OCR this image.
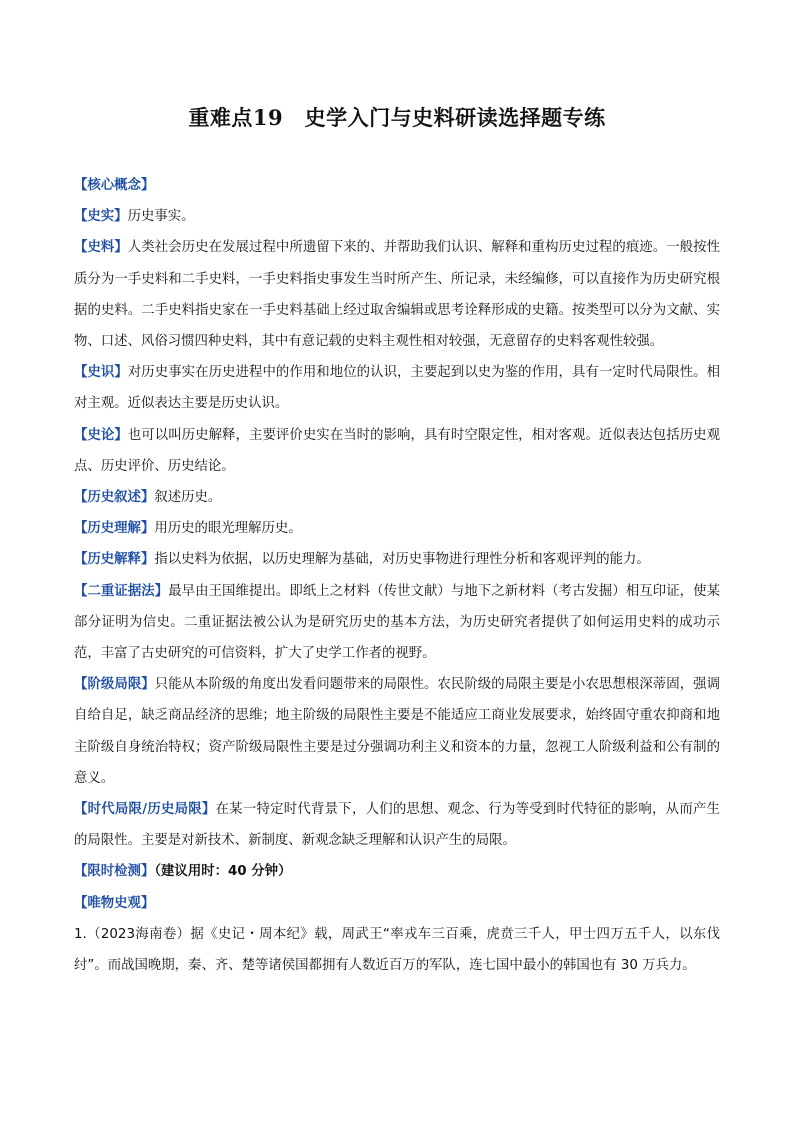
重难点19　史学入门与史料研读选择题专练

【核心概念】

【史实】历史事实。

【史料】人类社会历史在发展过程中所遗留下来的、并帮助我们认识、解释和重构历史过程的痕迹。一般按性质分为一手史料和二手史料，一手史料指史事发生当时所产生、所记录，未经编修，可以直接作为历史研究根据的史料。二手史料指史家在一手史料基础上经过取舍编辑或思考诠释形成的史籍。按类型可以分为文献、实物、口述、风俗习惯四种史料，其中有意记载的史料主观性相对较强，无意留存的史料客观性较强。

【史识】对历史事实在历史进程中的作用和地位的认识，主要起到以史为鉴的作用，具有一定时代局限性。相对主观。近似表达主要是历史认识。

【史论】也可以叫历史解释，主要评价史实在当时的影响，具有时空限定性，相对客观。近似表达包括历史观点、历史评价、历史结论。

【历史叙述】叙述历史。

【历史理解】用历史的眼光理解历史。

【历史解释】指以史料为依据，以历史理解为基础，对历史事物进行理性分析和客观评判的能力。

【二重证据法】最早由王国维提出。即纸上之材料（传世文献）与地下之新材料（考古发掘）相互印证，使某部分证明为信史。二重证据法被公认为是研究历史的基本方法，为历史研究者提供了如何运用史料的成功示范，丰富了古史研究的可信资料，扩大了史学工作者的视野。

【阶级局限】只能从本阶级的角度出发看问题带来的局限性。农民阶级的局限主要是小农思想根深蒂固，强调自给自足，缺乏商品经济的思维；地主阶级的局限性主要是不能适应工商业发展要求，始终固守重农抑商和地主阶级自身统治特权；资产阶级局限性主要是过分强调功利主义和资本的力量，忽视工人阶级利益和公有制的意义。

【时代局限/历史局限】在某一特定时代背景下，人们的思想、观念、行为等受到时代特征的影响，从而产生的局限性。主要是对新技术、新制度、新观念缺乏理解和认识产生的局限。

【限时检测】（建议用时：40 分钟）

【唯物史观】

1.（2023海南卷）据《史记・周本纪》载，周武王“率戎车三百乘，虎贲三千人，甲士四万五千人，以东伐纣”。而战国晚期，秦、齐、楚等诸侯国都拥有人数近百万的军队，连七国中最小的韩国也有 30 万兵力。
